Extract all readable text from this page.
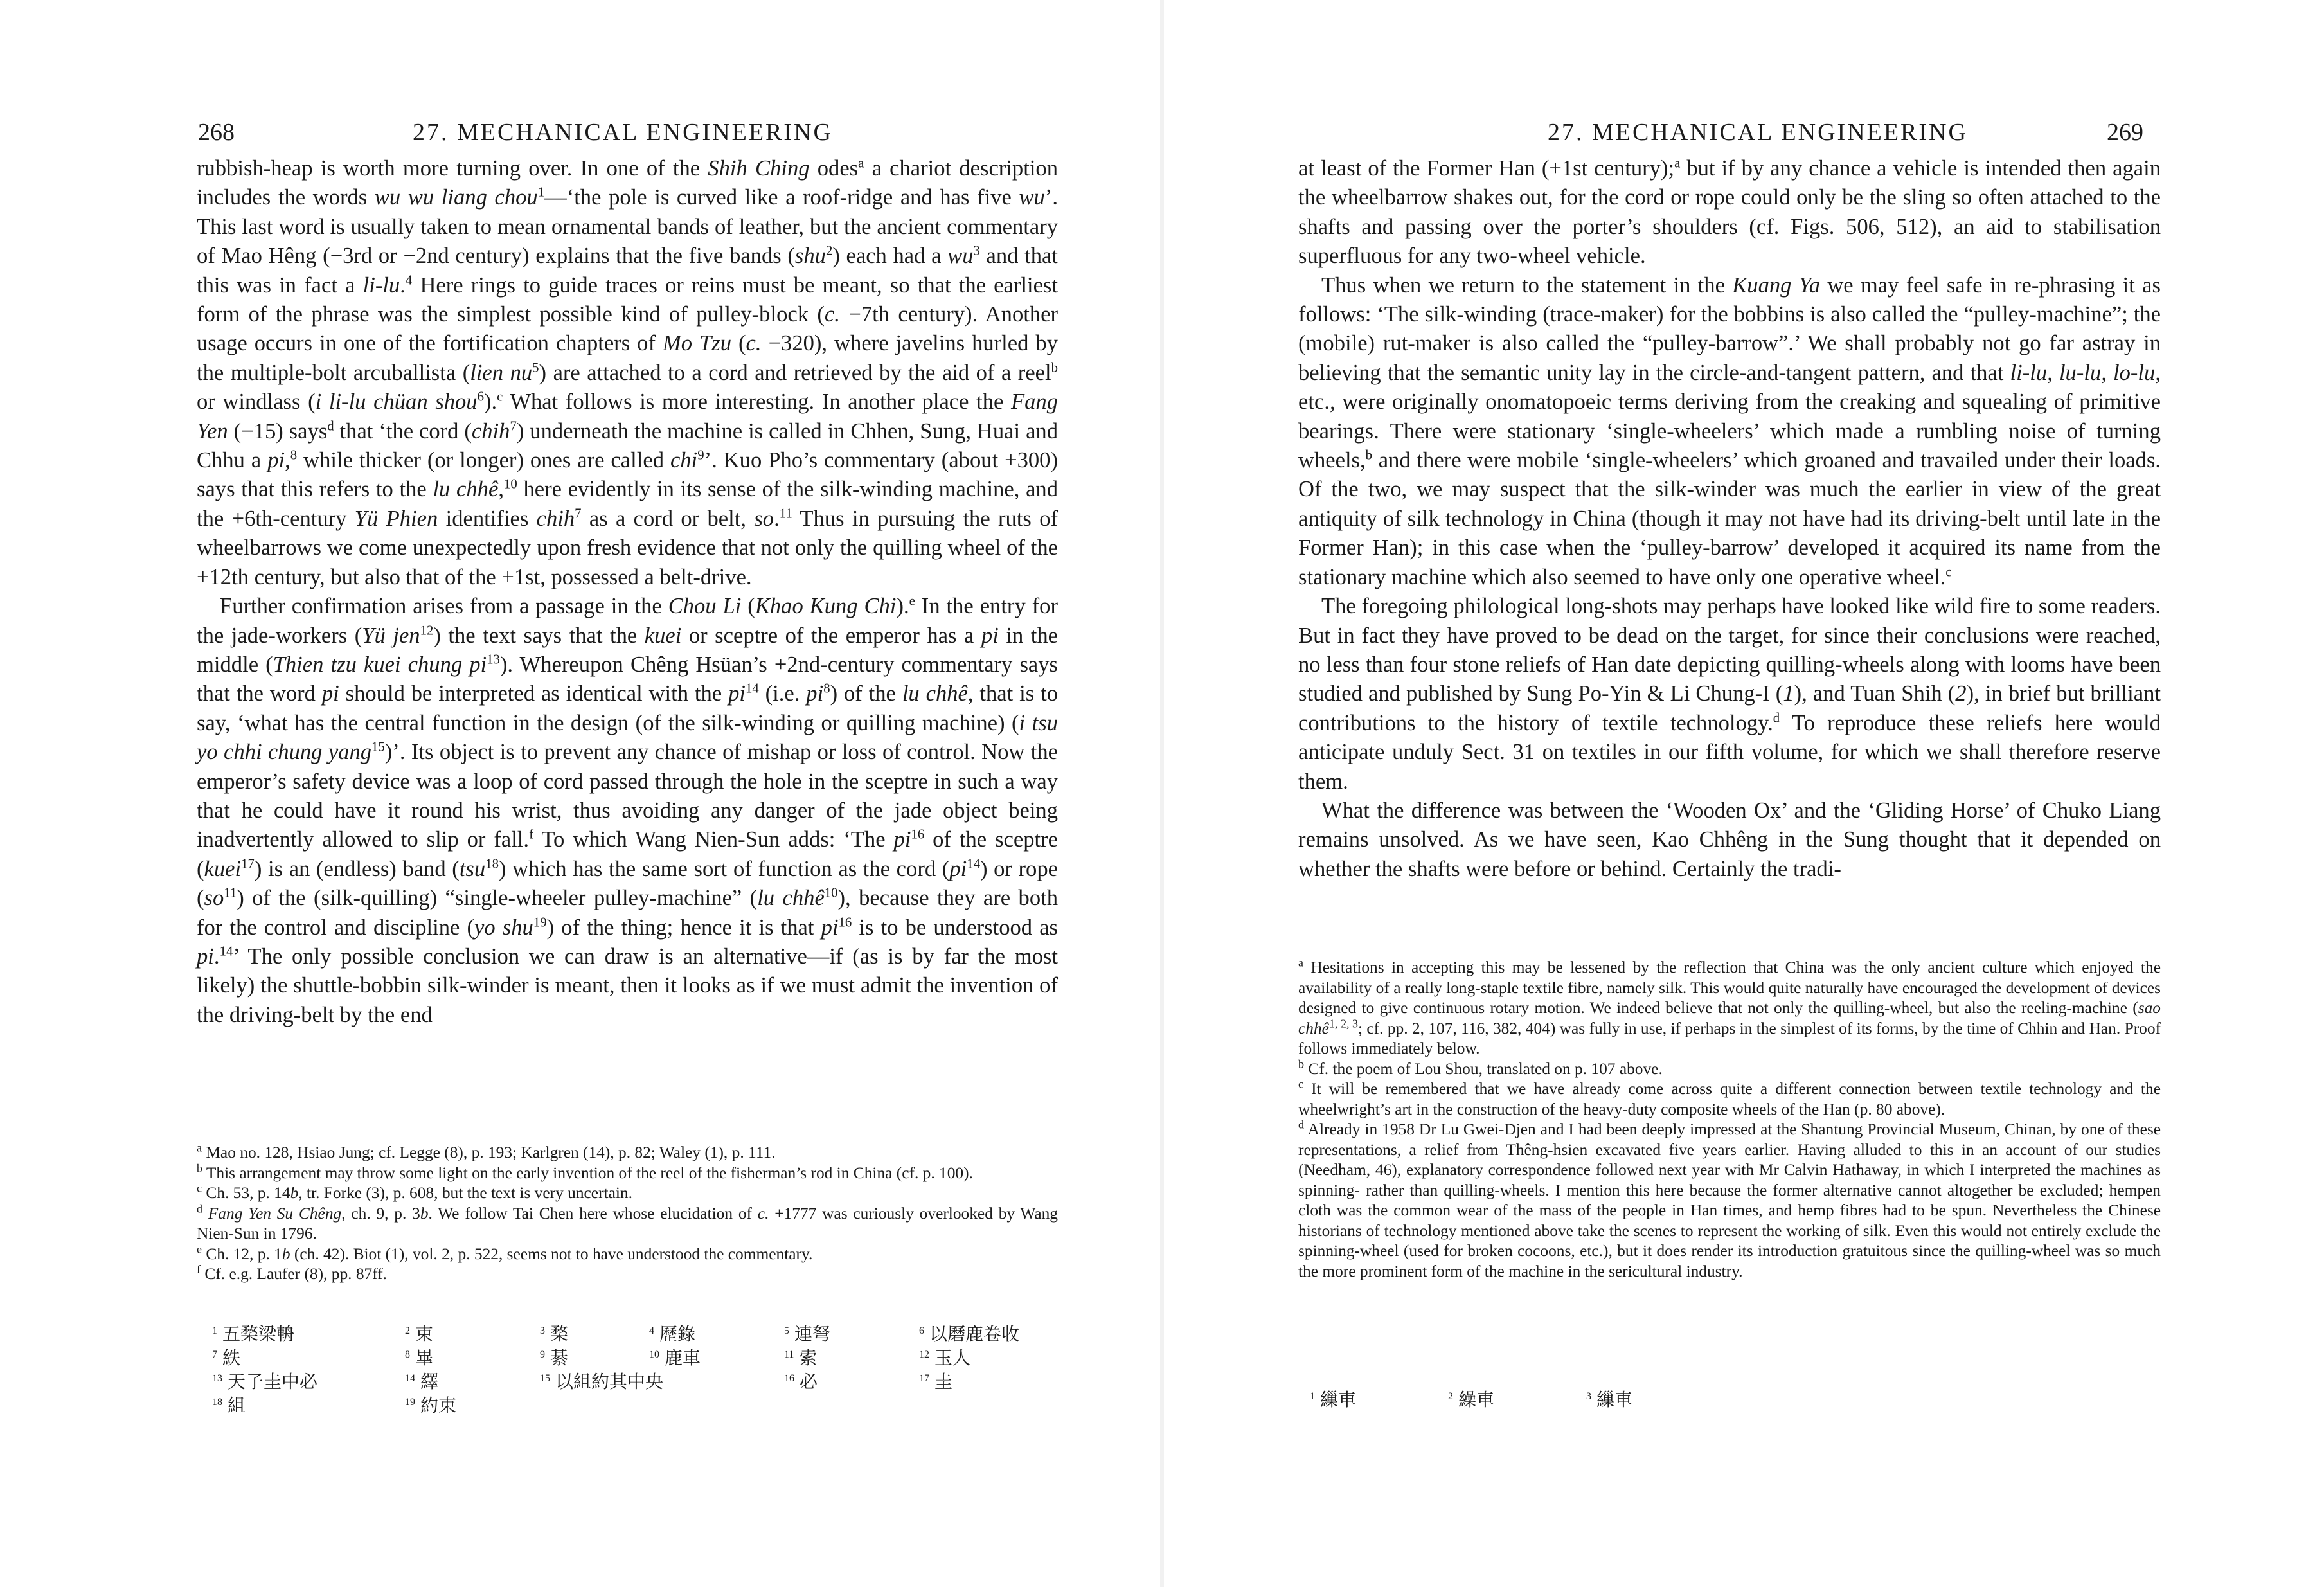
268	27. MECHANICAL ENGINEERING

rubbish-heap is worth more turning over. In one of the Shih Ching odes$^a$ a chariot description includes the words wu wu liang chou$^1$—‘the pole is curved like a roof-ridge and has five wu’. This last word is usually taken to mean ornamental bands of leather, but the ancient commentary of Mao Hêng (−3rd or −2nd century) explains that the five bands (shu$^2$) each had a $wu^3$ and that this was in fact a li-lu.$^4$ Here rings to guide traces or reins must be meant, so that the earliest form of the phrase was the simplest possible kind of pulley-block (c. −7th century). Another usage occurs in one of the fortification chapters of Mo Tzu (c. −320), where javelins hurled by the multiple-bolt arcuballista (lien $nu^5$) are attached to a cord and retrieved by the aid of a reel$^b$ or windlass (i li-lu chüan shou$^6$).$^c$ What follows is more interesting. In another place the Fang Yen (−15) says$^d$ that ‘the cord (chih$^7$) underneath the machine is called in Chhen, Sung, Huai and Chhu a pi,$^8$ while thicker (or longer) ones are called chi$^9$’. Kuo Pho’s commentary (about +300) says that this refers to the lu chhê,$^{10}$ here evidently in its sense of the silk-winding machine, and the +6th-century Yü Phien identifies chih$^7$ as a cord or belt, so.$^{11}$ Thus in pursuing the ruts of wheelbarrows we come unexpectedly upon fresh evidence that not only the quilling wheel of the +12th century, but also that of the +1st, possessed a belt-drive.

Further confirmation arises from a passage in the Chou Li (Khao Kung Chi).$^e$ In the entry for the jade-workers (Yü jen$^{12}$) the text says that the kuei or sceptre of the emperor has a pi in the middle (Thien tzu kuei chung $pi^{13}$). Whereupon Chêng Hsüan’s +2nd-century commentary says that the word pi should be interpreted as identical with the $pi^{14}$ (i.e. $pi^8$) of the lu chhê, that is to say, ‘what has the central function in the design (of the silk-winding or quilling machine) (i tsu yo chhi chung yang$^{15}$)’. Its object is to prevent any chance of mishap or loss of control. Now the emperor’s safety device was a loop of cord passed through the hole in the sceptre in such a way that he could have it round his wrist, thus avoiding any danger of the jade object being inadvertently allowed to slip or fall.$^f$ To which Wang Nien-Sun adds: ‘The $pi^{16}$ of the sceptre (kuei$^{17}$) is an (endless) band (tsu$^{18}$) which has the same sort of function as the cord $(pi^{14})$ or rope $(so^{11})$ of the (silk-quilling) “single-wheeler pulley-machine” (lu chhê$^{10}$), because they are both for the control and discipline (yo shu$^{19}$) of the thing; hence it is that $pi^{16}$ is to be understood as pi.$^{14}$’ The only possible conclusion we can draw is an alternative—if (as is by far the most likely) the shuttle-bobbin silk-winder is meant, then it looks as if we must admit the invention of the driving-belt by the end

$^a$ Mao no. 128, Hsiao Jung; cf. Legge (8), p. 193; Karlgren (14), p. 82; Waley (1), p. 111.

$^b$ This arrangement may throw some light on the early invention of the reel of the fisherman’s rod in China (cf. p. 100).

$^c$ Ch. 53, p. 14b, tr. Forke (3), p. 608, but the text is very uncertain.

$^d$ Fang Yen Su Chêng, ch. 9, p. 3b. We follow Tai Chen here whose elucidation of c. +1777 was curiously overlooked by Wang Nien-Sun in 1796.

$^e$ Ch. 12, p. 1b (ch. 42). Biot (1), vol. 2, p. 522, seems not to have understood the commentary.

$^f$ Cf. e.g. Laufer (8), pp. 87ff.

$^1$ 五楘梁輈	$^2$ 束	$^3$ 楘	$^4$ 歷錄	$^5$ 連弩	$^6$ 以磿鹿卷收
$^7$ 紩	$^8$ 畢	$^9$ 綦	$^{10}$ 鹿車	$^{11}$ 索	$^{12}$ 玉人
$^{13}$ 天子圭中必	$^{14}$ 繹	$^{15}$ 以組約其中央	$^{16}$ 必	$^{17}$ 圭
$^{18}$ 組	$^{19}$ 約束
27. MECHANICAL ENGINEERING	269

at least of the Former Han (+1st century);$^a$ but if by any chance a vehicle is intended then again the wheelbarrow shakes out, for the cord or rope could only be the sling so often attached to the shafts and passing over the porter’s shoulders (cf. Figs. 506, 512), an aid to stabilisation superfluous for any two-wheel vehicle.

Thus when we return to the statement in the Kuang Ya we may feel safe in re-phrasing it as follows: ‘The silk-winding (trace-maker) for the bobbins is also called the “pulley-machine”; the (mobile) rut-maker is also called the “pulley-barrow”.’ We shall probably not go far astray in believing that the semantic unity lay in the circle-and-tangent pattern, and that li-lu, lu-lu, lo-lu, etc., were originally onomatopoeic terms deriving from the creaking and squealing of primitive bearings. There were stationary ‘single-wheelers’ which made a rumbling noise of turning wheels,$^b$ and there were mobile ‘single-wheelers’ which groaned and travailed under their loads. Of the two, we may suspect that the silk-winder was much the earlier in view of the great antiquity of silk technology in China (though it may not have had its driving-belt until late in the Former Han); in this case when the ‘pulley-barrow’ developed it acquired its name from the stationary machine which also seemed to have only one operative wheel.$^c$

The foregoing philological long-shots may perhaps have looked like wild fire to some readers. But in fact they have proved to be dead on the target, for since their conclusions were reached, no less than four stone reliefs of Han date depicting quilling-wheels along with looms have been studied and published by Sung Po-Yin & Li Chung-I (1), and Tuan Shih (2), in brief but brilliant contributions to the history of textile technology.$^d$ To reproduce these reliefs here would anticipate unduly Sect. 31 on textiles in our fifth volume, for which we shall therefore reserve them.

What the difference was between the ‘Wooden Ox’ and the ‘Gliding Horse’ of Chuko Liang remains unsolved. As we have seen, Kao Chhêng in the Sung thought that it depended on whether the shafts were before or behind. Certainly the tradi-

$^a$ Hesitations in accepting this may be lessened by the reflection that China was the only ancient culture which enjoyed the availability of a really long-staple textile fibre, namely silk. This would quite naturally have encouraged the development of devices designed to give continuous rotary motion. We indeed believe that not only the quilling-wheel, but also the reeling-machine (sao chhê$^{1, 2, 3}$; cf. pp. 2, 107, 116, 382, 404) was fully in use, if perhaps in the simplest of its forms, by the time of Chhin and Han. Proof follows immediately below.

$^b$ Cf. the poem of Lou Shou, translated on p. 107 above.

$^c$ It will be remembered that we have already come across quite a different connection between textile technology and the wheelwright’s art in the construction of the heavy-duty composite wheels of the Han (p. 80 above).

$^d$ Already in 1958 Dr Lu Gwei-Djen and I had been deeply impressed at the Shantung Provincial Museum, Chinan, by one of these representations, a relief from Thêng-hsien excavated five years earlier. Having alluded to this in an account of our studies (Needham, 46), explanatory correspondence followed next year with Mr Calvin Hathaway, in which I interpreted the machines as spinning- rather than quilling-wheels. I mention this here because the former alternative cannot altogether be excluded; hempen cloth was the common wear of the mass of the people in Han times, and hemp fibres had to be spun. Nevertheless the Chinese historians of technology mentioned above take the scenes to represent the working of silk. Even this would not entirely exclude the spinning-wheel (used for broken cocoons, etc.), but it does render its introduction gratuitous since the quilling-wheel was so much the more prominent form of the machine in the sericultural industry.

$^1$ 繅車	$^2$ 繰車	$^3$ 繅車
